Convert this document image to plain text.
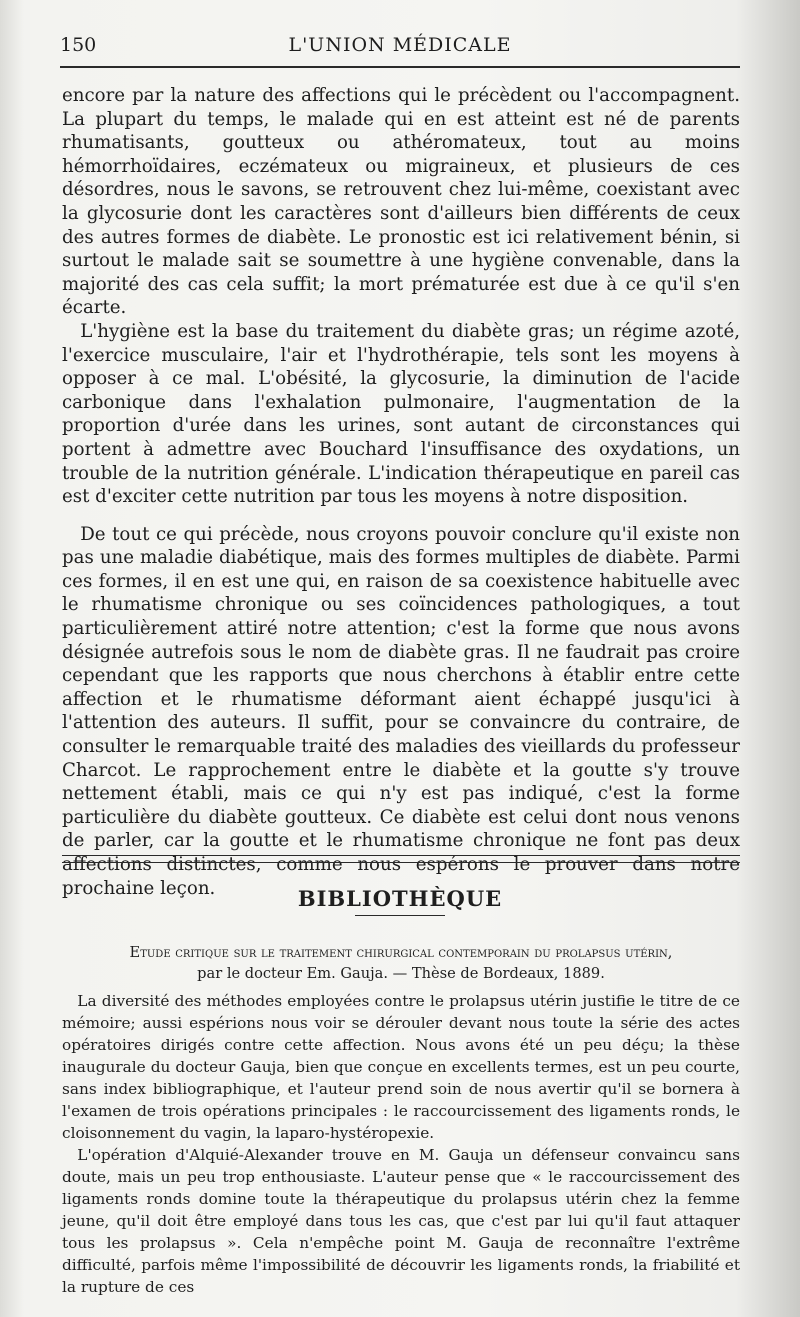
150	L'UNION MÉDICALE

encore par la nature des affections qui le précèdent ou l'accompagnent. La plupart du temps, le malade qui en est atteint est né de parents rhumatisants, goutteux ou athéromateux, tout au moins hémorrhoïdaires, eczémateux ou migraineux, et plusieurs de ces désordres, nous le savons, se retrouvent chez lui-même, coexistant avec la glycosurie dont les caractères sont d'ailleurs bien différents de ceux des autres formes de diabète. Le pronostic est ici relativement bénin, si surtout le malade sait se soumettre à une hygiène convenable, dans la majorité des cas cela suffit; la mort prématurée est due à ce qu'il s'en écarte.

L'hygiène est la base du traitement du diabète gras; un régime azoté, l'exercice musculaire, l'air et l'hydrothérapie, tels sont les moyens à opposer à ce mal. L'obésité, la glycosurie, la diminution de l'acide carbonique dans l'exhalation pulmonaire, l'augmentation de la proportion d'urée dans les urines, sont autant de circonstances qui portent à admettre avec Bouchard l'insuffisance des oxydations, un trouble de la nutrition générale. L'indication thérapeutique en pareil cas est d'exciter cette nutrition par tous les moyens à notre disposition.

De tout ce qui précède, nous croyons pouvoir conclure qu'il existe non pas une maladie diabétique, mais des formes multiples de diabète. Parmi ces formes, il en est une qui, en raison de sa coexistence habituelle avec le rhumatisme chronique ou ses coïncidences pathologiques, a tout particulièrement attiré notre attention; c'est la forme que nous avons désignée autrefois sous le nom de diabète gras. Il ne faudrait pas croire cependant que les rapports que nous cherchons à établir entre cette affection et le rhumatisme déformant aient échappé jusqu'ici à l'attention des auteurs. Il suffit, pour se convaincre du contraire, de consulter le remarquable traité des maladies des vieillards du professeur Charcot. Le rapprochement entre le diabète et la goutte s'y trouve nettement établi, mais ce qui n'y est pas indiqué, c'est la forme particulière du diabète goutteux. Ce diabète est celui dont nous venons de parler, car la goutte et le rhumatisme chronique ne font pas deux affections distinctes, comme nous espérons le prouver dans notre prochaine leçon.	BIBLIOTHÈQUE
Etude critique sur le traitement chirurgical contemporain du prolapsus utérin,
par le docteur Em. Gauja. — Thèse de Bordeaux, 1889.

La diversité des méthodes employées contre le prolapsus utérin justifie le titre de ce mémoire; aussi espérions nous voir se dérouler devant nous toute la série des actes opératoires dirigés contre cette affection. Nous avons été un peu déçu; la thèse inaugurale du docteur Gauja, bien que conçue en excellents termes, est un peu courte, sans index bibliographique, et l'auteur prend soin de nous avertir qu'il se bornera à l'examen de trois opérations principales : le raccourcissement des ligaments ronds, le cloisonnement du vagin, la laparo-hystéropexie.

L'opération d'Alquié-Alexander trouve en M. Gauja un défenseur convaincu sans doute, mais un peu trop enthousiaste. L'auteur pense que « le raccourcissement des ligaments ronds domine toute la thérapeutique du prolapsus utérin chez la femme jeune, qu'il doit être employé dans tous les cas, que c'est par lui qu'il faut attaquer tous les prolapsus ». Cela n'empêche point M. Gauja de reconnaître l'extrême difficulté, parfois même l'impossibilité de découvrir les ligaments ronds, la friabilité et la rupture de ces
